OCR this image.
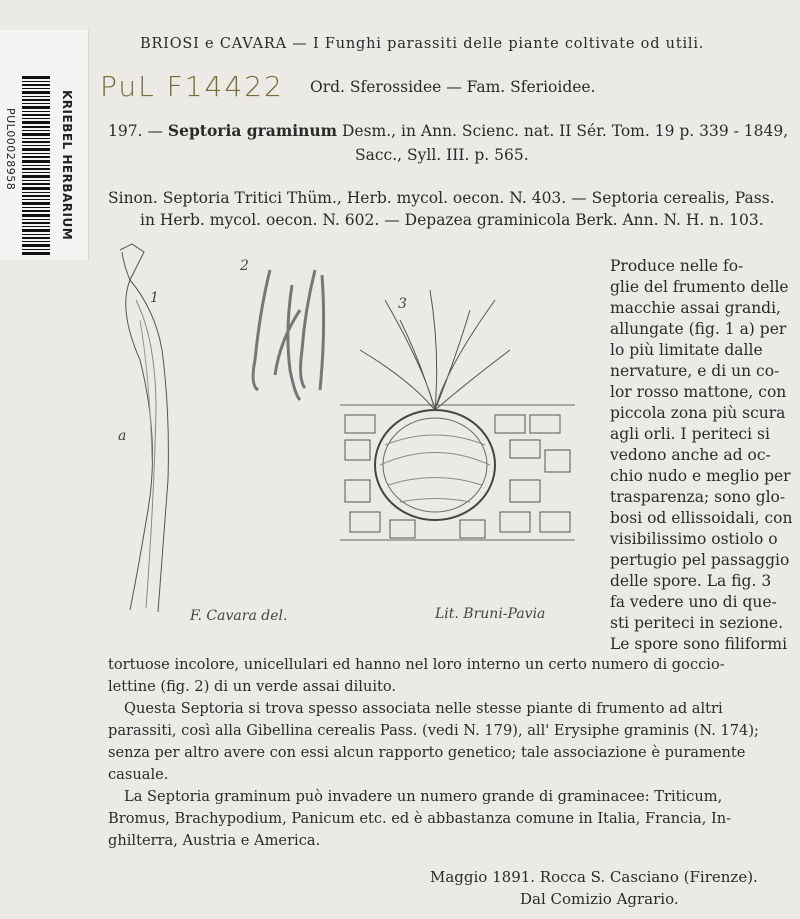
KRIEBEL HERBARIUM
PUL00028958
PuL F14422
BRIOSI e CAVARA — I Funghi parassiti delle piante coltivate od utili.
Ord. Sferossidee — Fam. Sferioidee.
197. — Septoria graminum Desm., in Ann. Scienc. nat. II Sér. Tom. 19 p. 339 - 1849,
Sacc., Syll. III. p. 565.
Sinon. Septoria Tritici Thüm., Herb. mycol. oecon. N. 403. — Septoria cerealis, Pass.
in Herb. mycol. oecon. N. 602. — Depazea graminicola Berk. Ann. N. H. n. 103.
1
2
3
a
F. Cavara del.	Lit. Bruni-Pavia
Produce nelle fo-
glie del frumento delle
macchie assai grandi,
allungate (fig. 1 a) per
lo più limitate dalle
nervature, e di un co-
lor rosso mattone, con
piccola zona più scura
agli orli. I periteci si
vedono anche ad oc-
chio nudo e meglio per
trasparenza; sono glo-
bosi od ellissoidali, con
visibilissimo ostiolo o
pertugio pel passaggio
delle spore. La fig. 3
fa vedere uno di que-
sti periteci in sezione.
Le spore sono filiformi
tortuose incolore, unicellulari ed hanno nel loro interno un certo numero di goccio-
lettine (fig. 2) di un verde assai diluito.
Questa Septoria si trova spesso associata nelle stesse piante di frumento ad altri
parassiti, così alla Gibellina cerealis Pass. (vedi N. 179), all' Erysiphe graminis (N. 174);
senza per altro avere con essi alcun rapporto genetico; tale associazione è puramente
casuale.
La Septoria graminum può invadere un numero grande di graminacee: Triticum,
Bromus, Brachypodium, Panicum etc. ed è abbastanza comune in Italia, Francia, In-
ghilterra, Austria e America.
Maggio 1891. Rocca S. Casciano (Firenze).
Dal Comizio Agrario.
